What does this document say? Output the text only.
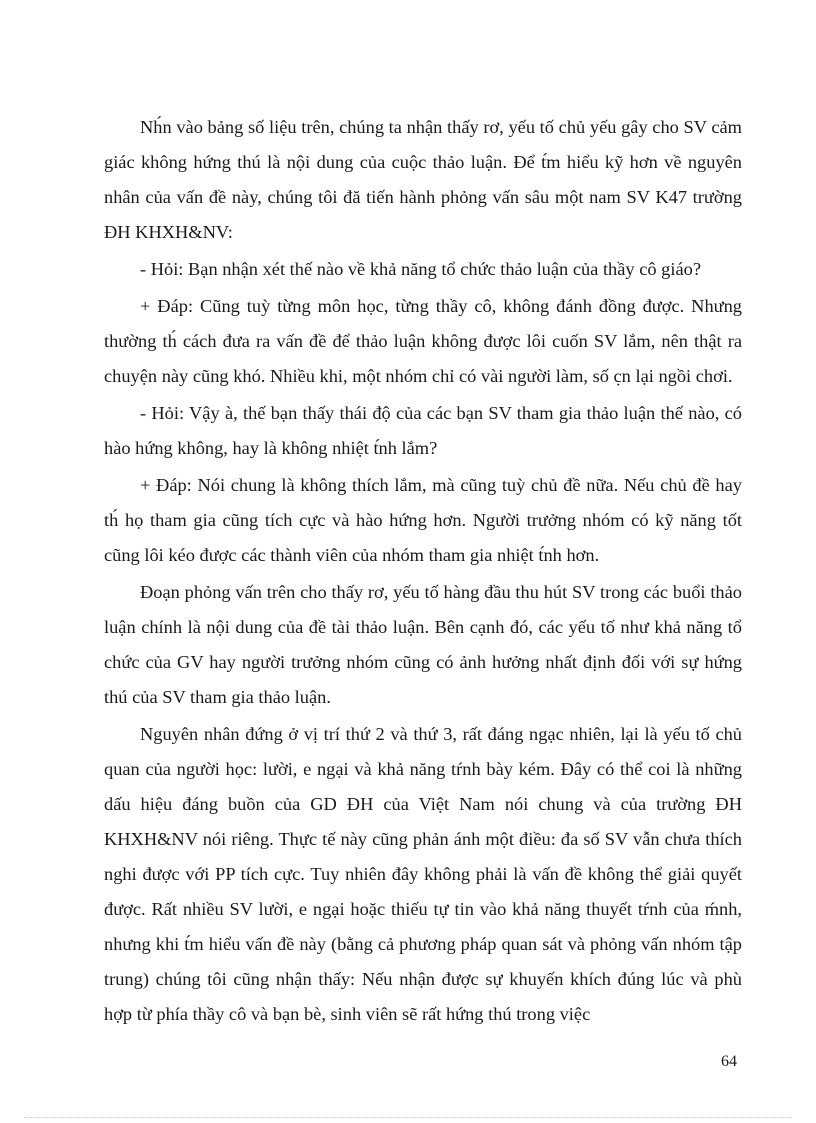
Nh́n vào bảng số liệu trên, chúng ta nhận thấy rơ, yếu tố chủ yếu gây cho SV cảm giác không hứng thú là nội dung của cuộc thảo luận. Để t́m hiểu kỹ hơn về nguyên nhân của vấn đề này, chúng tôi đă tiến hành phỏng vấn sâu một nam SV K47 trường ĐH KHXH&NV:

- Hỏi: Bạn nhận xét thế nào về khả năng tổ chức thảo luận của thầy cô giáo?

+ Đáp: Cũng tuỳ từng môn học, từng thầy cô, không đánh đồng được. Nhưng thường th́ cách đưa ra vấn đề để thảo luận không được lôi cuốn SV lắm, nên thật ra chuyện này cũng khó. Nhiều khi, một nhóm chỉ có vài người làm, số c̣n lại ngồi chơi.

- Hỏi: Vậy à, thế bạn thấy thái độ của các bạn SV tham gia thảo luận thế nào, có hào hứng không, hay là không nhiệt t́nh lắm?

+ Đáp: Nói chung là không thích lắm, mà cũng tuỳ chủ đề nữa. Nếu chủ đề hay th́ họ tham gia cũng tích cực và hào hứng hơn. Người trưởng nhóm có kỹ năng tốt cũng lôi kéo được các thành viên của nhóm tham gia nhiệt t́nh hơn.

Đoạn phỏng vấn trên cho thấy rơ, yếu tố hàng đầu thu hút SV trong các buổi thảo luận chính là nội dung của đề tài thảo luận. Bên cạnh đó, các yếu tố như khả năng tổ chức của GV hay người trưởng nhóm cũng có ảnh hưởng nhất định đối với sự hứng thú của SV tham gia thảo luận.

Nguyên nhân đứng ở vị trí thứ 2 và thứ 3, rất đáng ngạc nhiên, lại là yếu tố chủ quan của người học: lười, e ngại và khả năng tŕnh bày kém. Đây có thể coi là những dấu hiệu đáng buồn của GD ĐH của Việt Nam nói chung và của trường ĐH KHXH&NV nói riêng. Thực tế này cũng phản ánh một điều: đa số SV vẫn chưa thích nghi được với PP tích cực. Tuy nhiên đây không phải là vấn đề không thể giải quyết được. Rất nhiều SV lười, e ngại hoặc thiếu tự tin vào khả năng thuyết tŕnh của ḿnh, nhưng khi t́m hiểu vấn đề này (bằng cả phương pháp quan sát và phỏng vấn nhóm tập trung) chúng tôi cũng nhận thấy: Nếu nhận được sự khuyến khích đúng lúc và phù hợp từ phía thầy cô và bạn bè, sinh viên sẽ rất hứng thú trong việc

64
